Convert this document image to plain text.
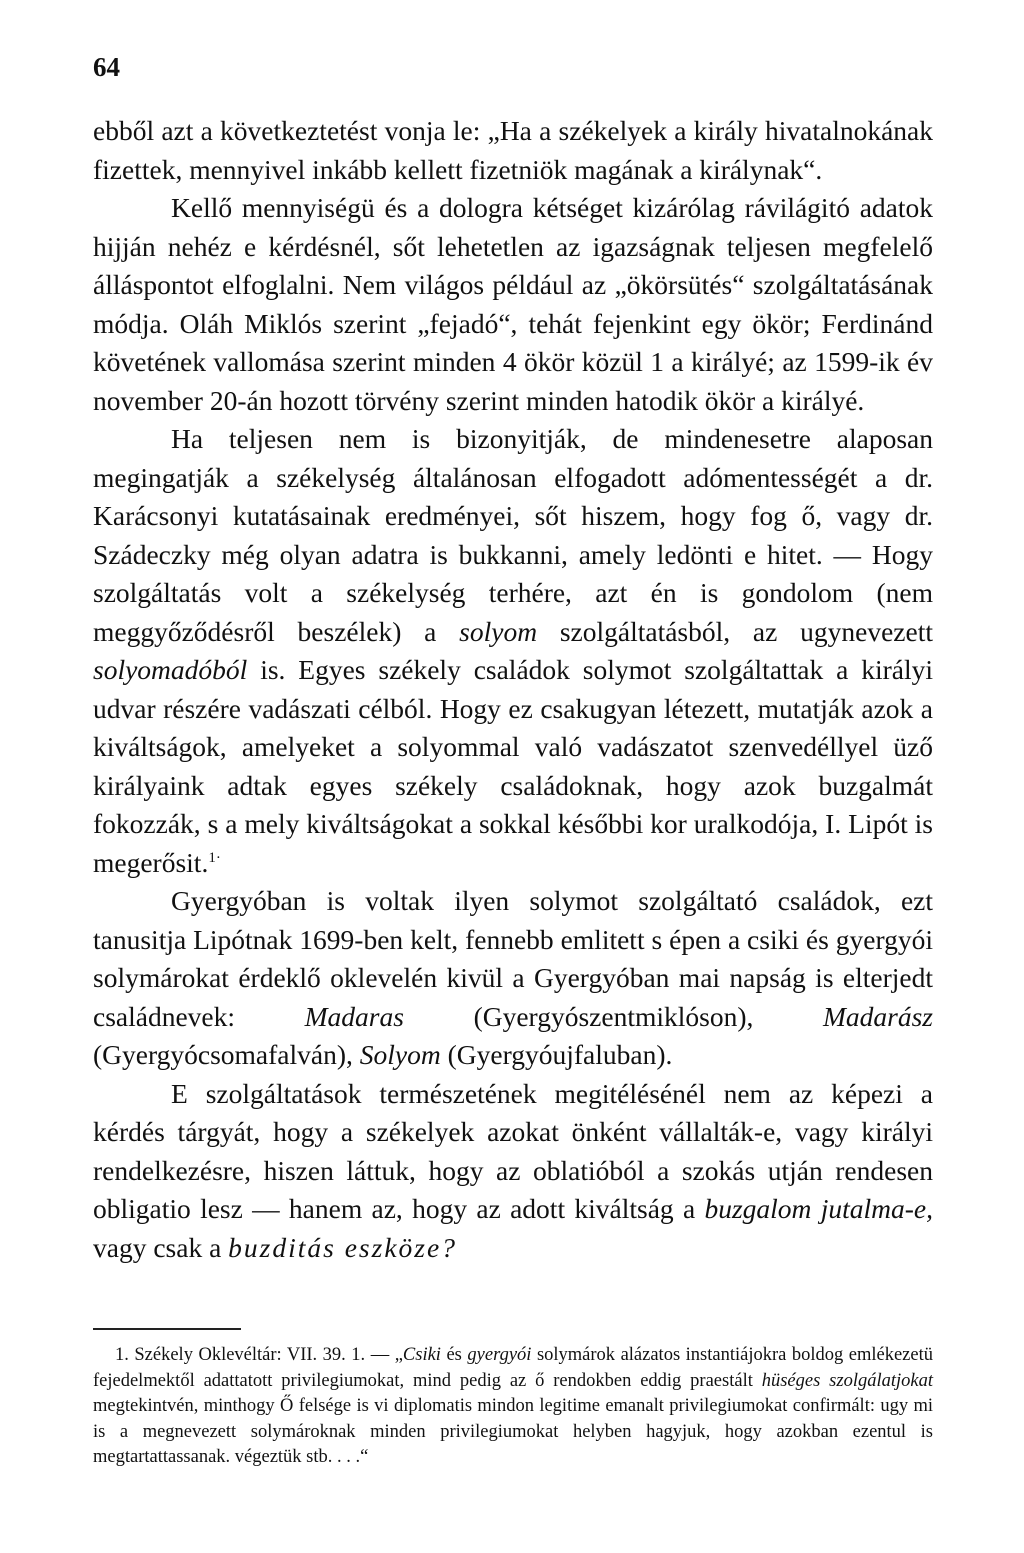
64

ebből azt a következtetést vonja le: „Ha a székelyek a király hivatalnokának fizettek, mennyivel inkább kellett fizetniök magának a királynak“.

Kellő mennyiségü és a dologra kétséget kizárólag rávilágitó adatok hijján nehéz e kérdésnél, sőt lehetetlen az igazságnak teljesen megfelelő álláspontot elfoglalni. Nem világos például az „ökörsütés“ szolgáltatásának módja. Oláh Miklós szerint „fejadó“, tehát fejenkint egy ökör; Ferdinánd követének vallomása szerint minden 4 ökör közül 1 a királyé; az 1599-ik év november 20-án hozott törvény szerint minden hatodik ökör a királyé.

Ha teljesen nem is bizonyitják, de mindenesetre alaposan megingatják a székelység általánosan elfogadott adómentességét a dr. Karácsonyi kutatásainak eredményei, sőt hiszem, hogy fog ő, vagy dr. Szádeczky még olyan adatra is bukkanni, amely ledönti e hitet. — Hogy szolgáltatás volt a székelység terhére, azt én is gondolom (nem meggyőződésről beszélek) a solyom szolgáltatásból, az ugynevezett solyomadóból is. Egyes székely családok solymot szolgáltattak a királyi udvar részére vadászati célból. Hogy ez csakugyan létezett, mutatják azok a kiváltságok, amelyeket a solyommal való vadászatot szenvedéllyel üző királyaink adtak egyes székely családoknak, hogy azok buzgalmát fokozzák, s a mely kiváltságokat a sokkal későbbi kor uralkodója, I. Lipót is megerősit.$^{1\cdot}$

Gyergyóban is voltak ilyen solymot szolgáltató családok, ezt tanusitja Lipótnak 1699-ben kelt, fennebb emlitett s épen a csiki és gyergyói solymárokat érdeklő oklevelén kivül a Gyergyóban mai napság is elterjedt családnevek: Madaras (Gyergyószentmiklóson), Madarász (Gyergyócsomafalván), Solyom (Gyergyóujfaluban).

E szolgáltatások természetének megitélésénél nem az képezi a kérdés tárgyát, hogy a székelyek azokat önként vállalták-e, vagy királyi rendelkezésre, hiszen láttuk, hogy az oblatióból a szokás utján rendesen obligatio lesz — hanem az, hogy az adott kiváltság a buzgalom jutalma-e, vagy csak a buzditás eszköze?

1. Székely Oklevéltár: VII. 39. 1. — „Csiki és gyergyói solymárok alázatos instantiájokra boldog emlékezetü fejedelmektől adattatott privilegiumokat, mind pedig az ő rendokben eddig praestált hüséges szolgálatjokat megtekintvén, minthogy Ő felsége is vi diplomatis mindon legitime emanalt privilegiumokat confirmált: ugy mi is a megnevezett solymároknak minden privilegiumokat helyben hagyjuk, hogy azokban ezentul is megtartattassanak. végeztük stb. . . .“
